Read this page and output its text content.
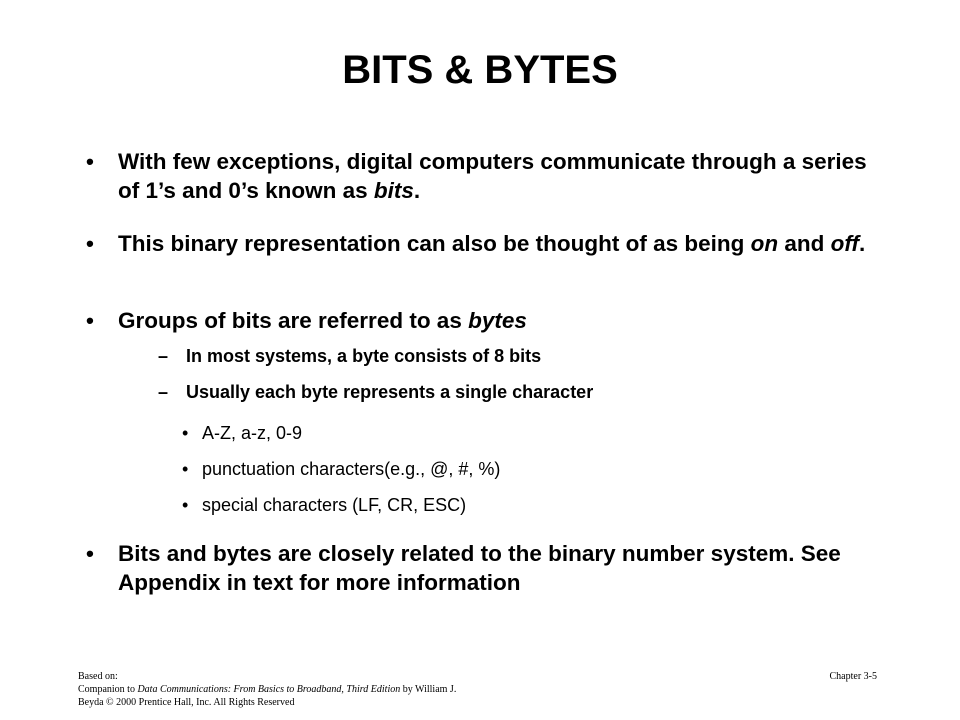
BITS & BYTES
• With few exceptions, digital computers communicate through a series of 1’s and 0’s known as bits.
• This binary representation can also be thought of as being on and off.
• Groups of bits are referred to as bytes
– In most systems, a byte consists of 8 bits
– Usually each byte represents a single character
• A-Z, a-z, 0-9
• punctuation characters(e.g., @, #, %)
• special characters (LF, CR, ESC)
• Bits and bytes are closely related to the binary number system. See Appendix in text for more information
Based on:
Companion to Data Communications: From Basics to Broadband, Third Edition by William J.
Beyda © 2000 Prentice Hall, Inc. All Rights Reserved
Chapter 3-5
